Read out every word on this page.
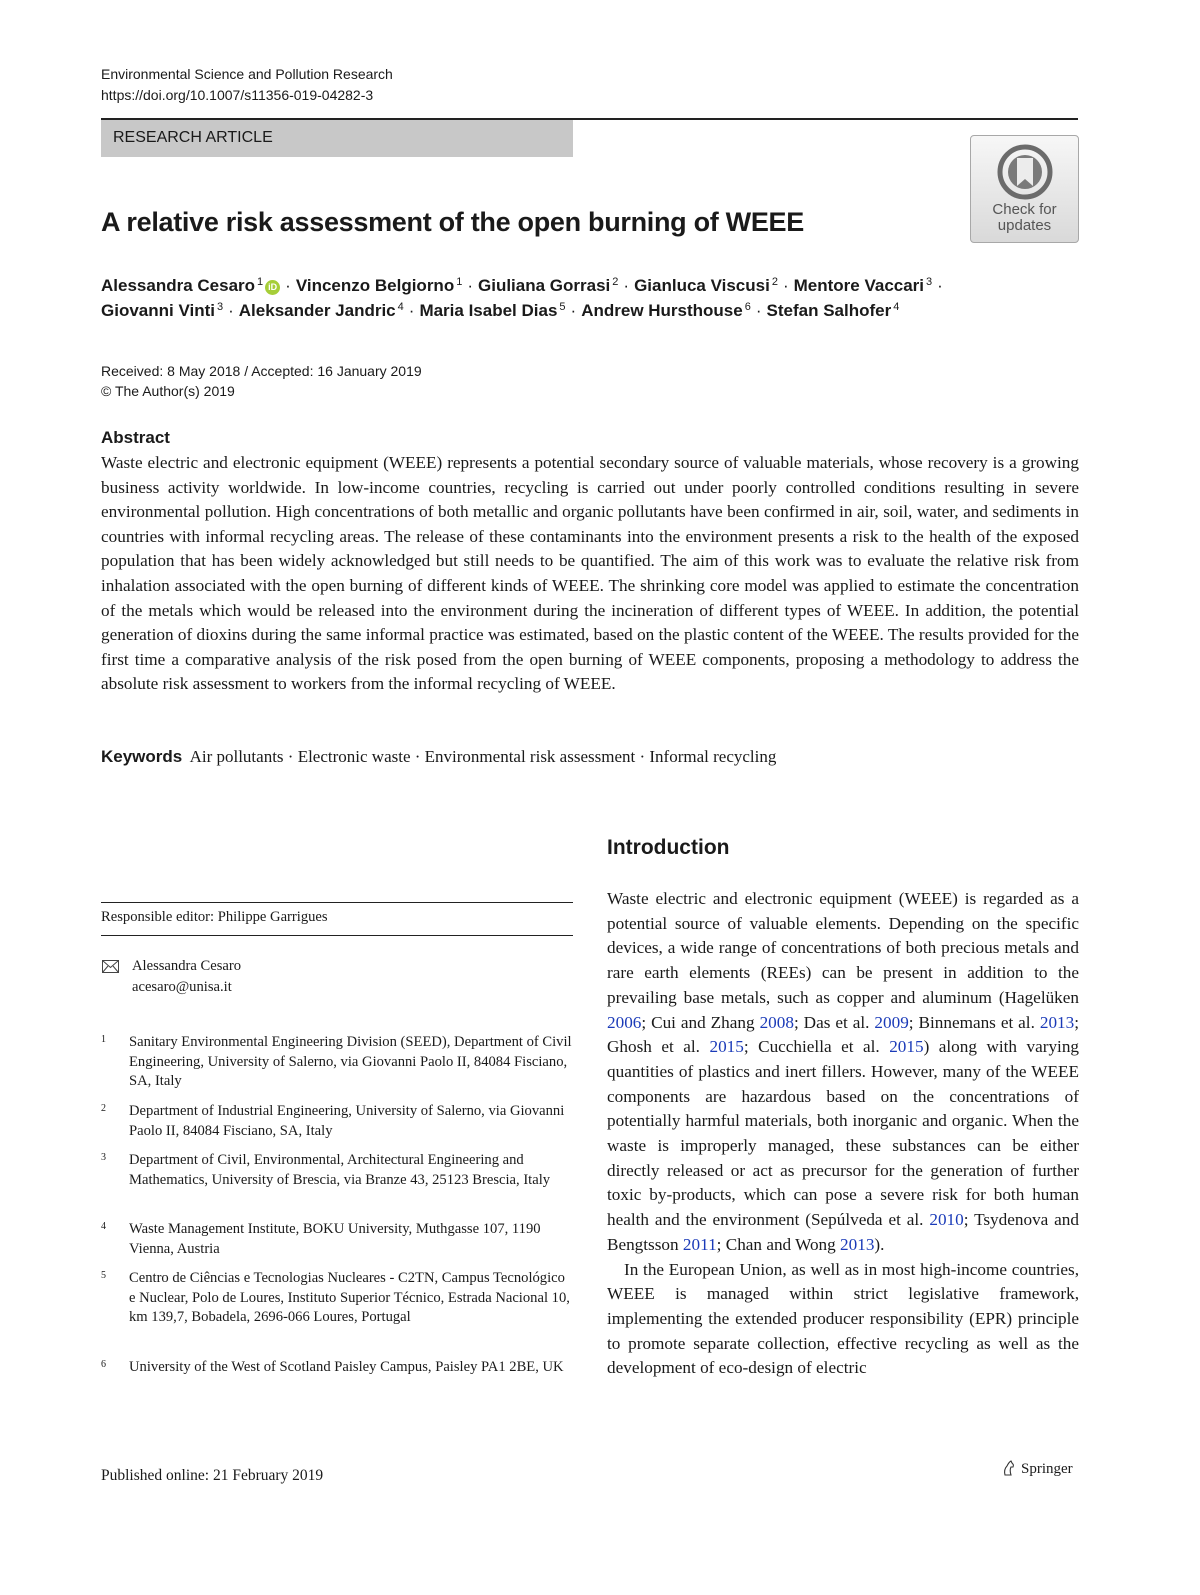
Environmental Science and Pollution Research
https://doi.org/10.1007/s11356-019-04282-3
RESEARCH ARTICLE
Check for
updates
A relative risk assessment of the open burning of WEEE
Alessandra Cesaro $^1$ iD · Vincenzo Belgiorno $^1$ · Giuliana Gorrasi $^2$ · Gianluca Viscusi $^2$ · Mentore Vaccari $^3$ ·
Giovanni Vinti $^3$ · Aleksander Jandric $^4$ · Maria Isabel Dias $^5$ · Andrew Hursthouse $^6$ · Stefan Salhofer $^4$
Received: 8 May 2018 / Accepted: 16 January 2019
© The Author(s) 2019
Abstract
Waste electric and electronic equipment (WEEE) represents a potential secondary source of valuable materials, whose recovery is a growing business activity worldwide. In low-income countries, recycling is carried out under poorly controlled conditions resulting in severe environmental pollution. High concentrations of both metallic and organic pollutants have been confirmed in air, soil, water, and sediments in countries with informal recycling areas. The release of these contaminants into the environment presents a risk to the health of the exposed population that has been widely acknowledged but still needs to be quantified. The aim of this work was to evaluate the relative risk from inhalation associated with the open burning of different kinds of WEEE. The shrinking core model was applied to estimate the concentration of the metals which would be released into the environment during the incineration of different types of WEEE. In addition, the potential generation of dioxins during the same informal practice was estimated, based on the plastic content of the WEEE. The results provided for the first time a comparative analysis of the risk posed from the open burning of WEEE components, proposing a methodology to address the absolute risk assessment to workers from the informal recycling of WEEE.
Keywords Air pollutants · Electronic waste · Environmental risk assessment · Informal recycling
Responsible editor: Philippe Garrigues
Alessandra Cesaro
acesaro@unisa.it
1 Sanitary Environmental Engineering Division (SEED), Department of Civil Engineering, University of Salerno, via Giovanni Paolo II, 84084 Fisciano, SA, Italy
2 Department of Industrial Engineering, University of Salerno, via Giovanni Paolo II, 84084 Fisciano, SA, Italy
3 Department of Civil, Environmental, Architectural Engineering and Mathematics, University of Brescia, via Branze 43, 25123 Brescia, Italy
4 Waste Management Institute, BOKU University, Muthgasse 107, 1190 Vienna, Austria
5 Centro de Ciências e Tecnologias Nucleares - C2TN, Campus Tecnológico e Nuclear, Polo de Loures, Instituto Superior Técnico, Estrada Nacional 10, km 139,7, Bobadela, 2696-066 Loures, Portugal
6 University of the West of Scotland Paisley Campus, Paisley PA1 2BE, UK
Introduction

Waste electric and electronic equipment (WEEE) is regarded as a potential source of valuable elements. Depending on the specific devices, a wide range of concentrations of both precious metals and rare earth elements (REEs) can be present in addition to the prevailing base metals, such as copper and aluminum (Hagelüken 2006; Cui and Zhang 2008; Das et al. 2009; Binnemans et al. 2013; Ghosh et al. 2015; Cucchiella et al. 2015) along with varying quantities of plastics and inert fillers. However, many of the WEEE components are hazardous based on the concentrations of potentially harmful materials, both inorganic and organic. When the waste is improperly managed, these substances can be either directly released or act as precursor for the generation of further toxic by-products, which can pose a severe risk for both human health and the environment (Sepúlveda et al. 2010; Tsydenova and Bengtsson 2011; Chan and Wong 2013).

In the European Union, as well as in most high-income countries, WEEE is managed within strict legislative framework, implementing the extended producer responsibility (EPR) principle to promote separate collection, effective recycling as well as the development of eco-design of electric

Published online: 21 February 2019	Springer
